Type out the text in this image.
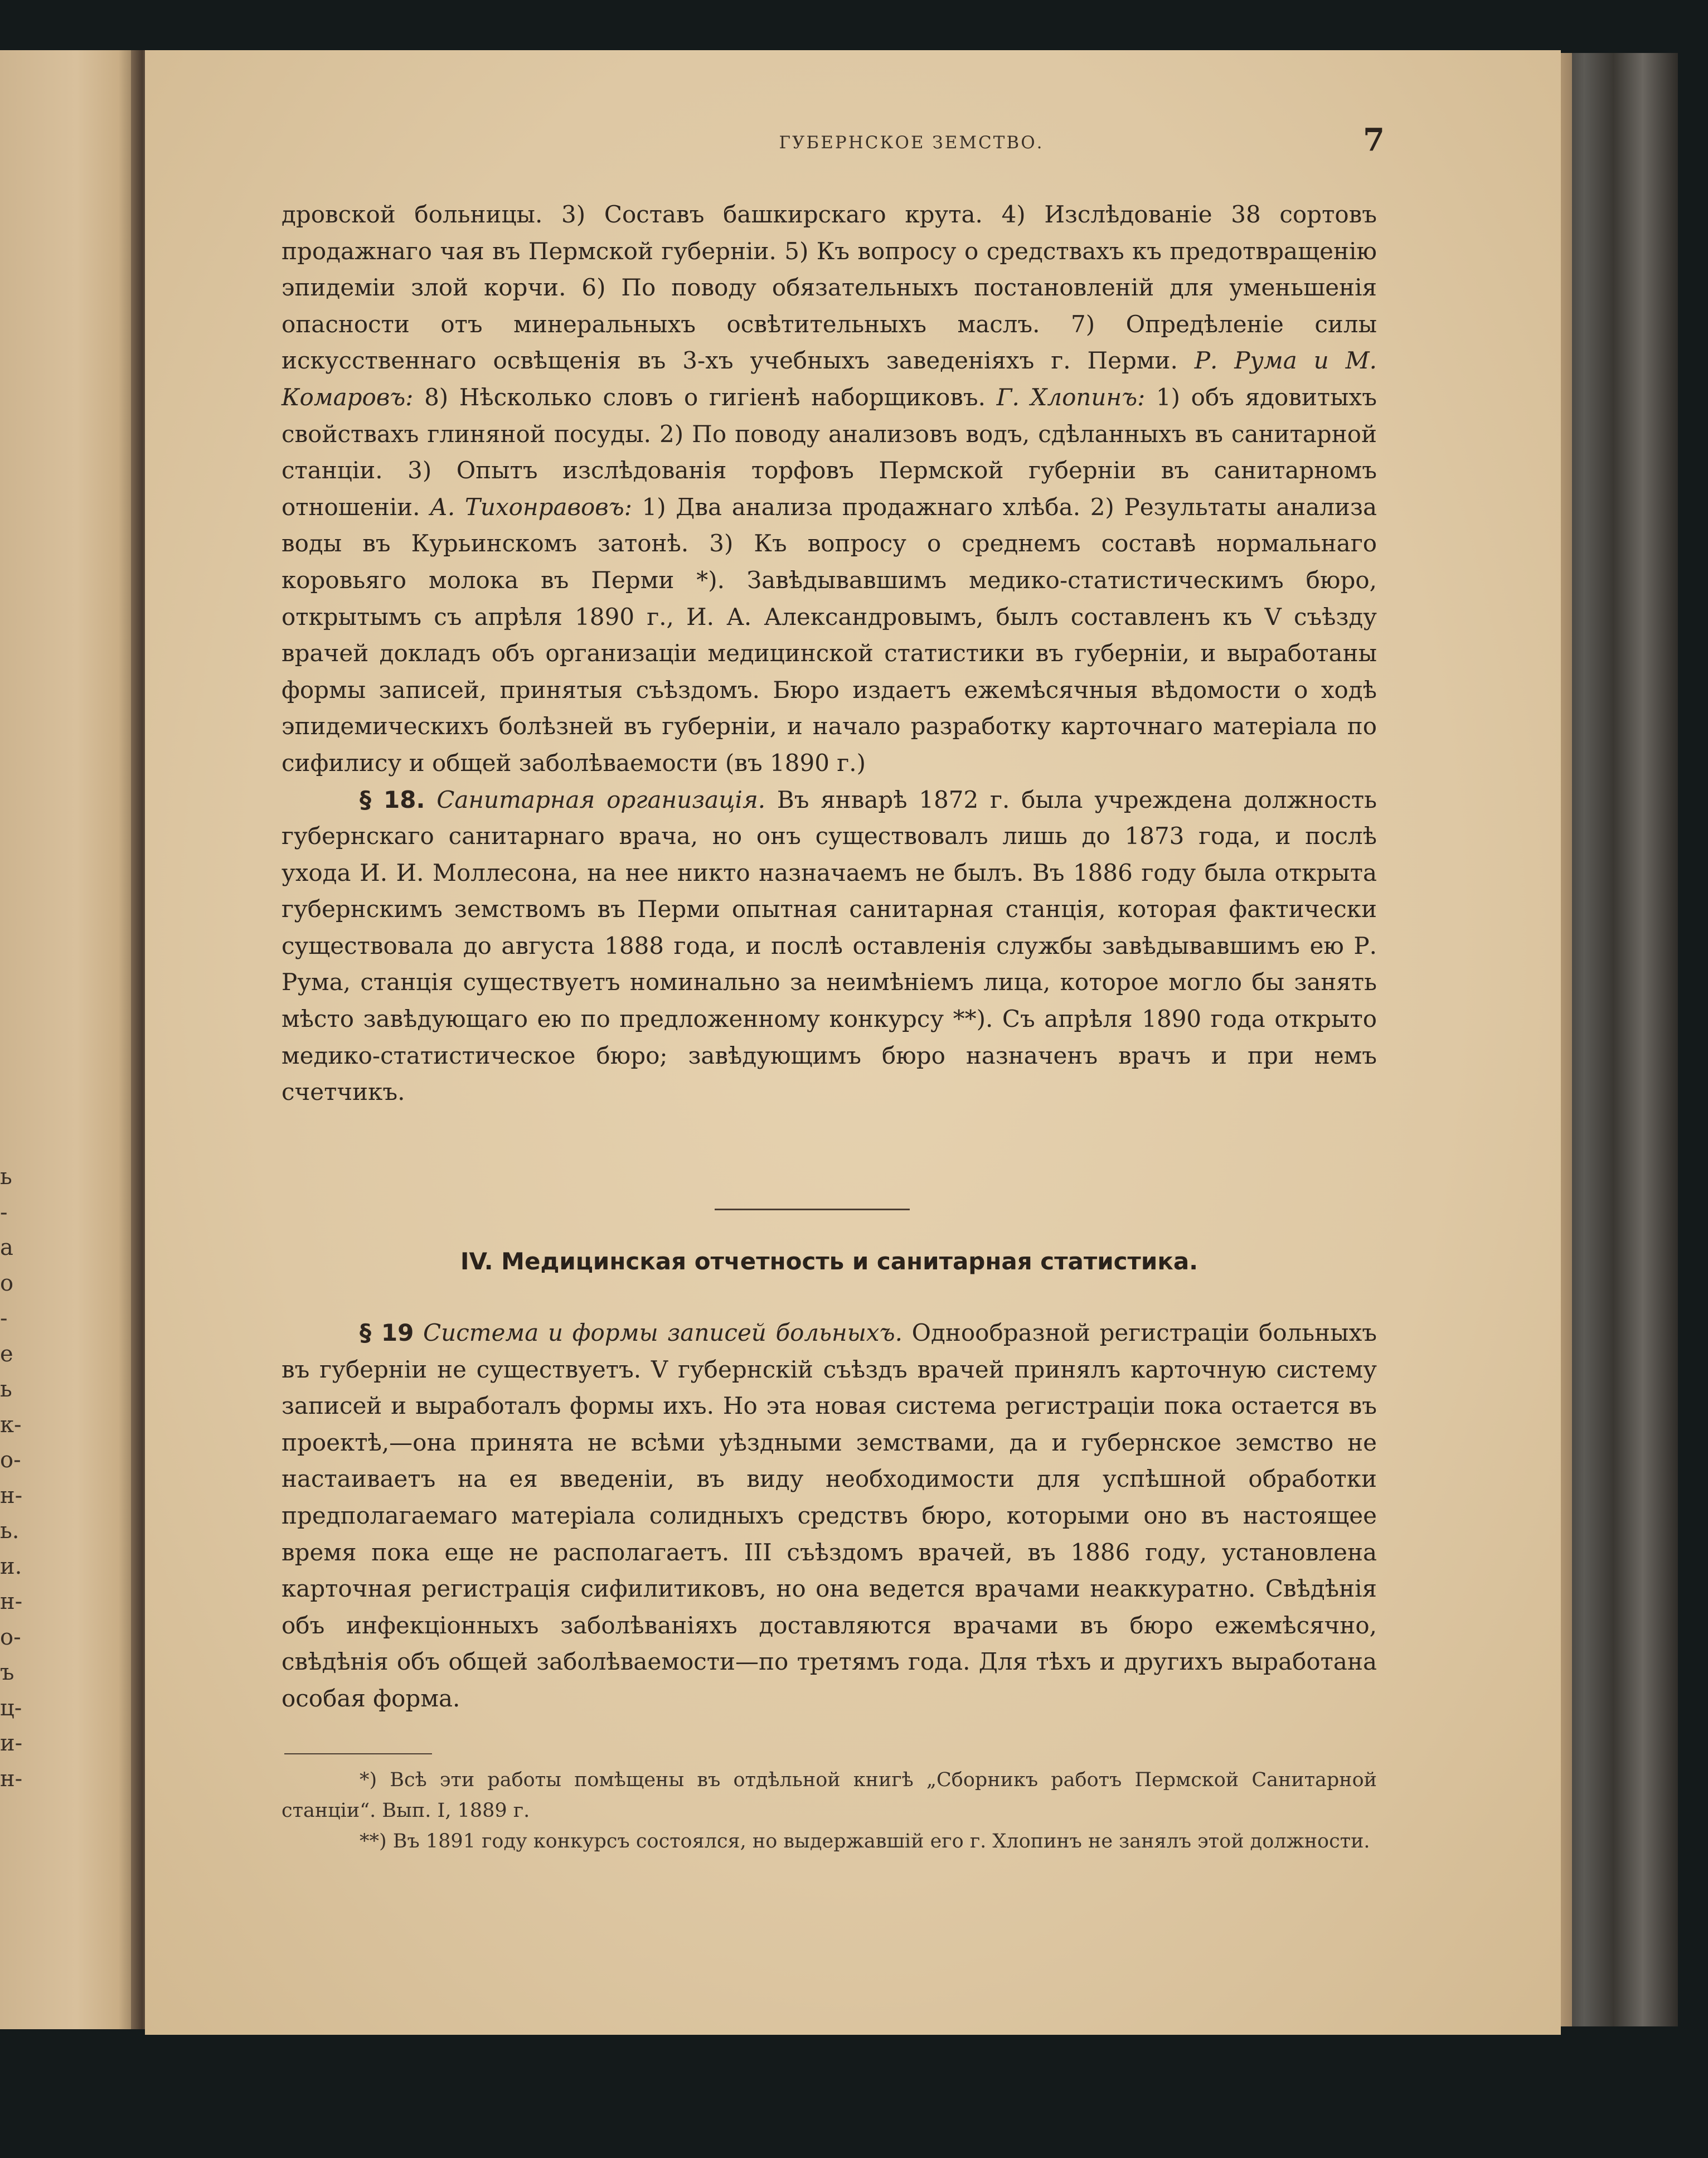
ь
-
а
о
-
е
ь
к-
о-
н-
ь.
и.
н-
о-
ъ
ц-
и-
н-
ГУБЕРНСКОЕ ЗЕМСТВО.	7

дровской больницы. 3) Составъ башкирскаго крута. 4) Изслѣдованіе 38 сортовъ продажнаго чая въ Пермской губерніи. 5) Къ вопросу о средствахъ къ предотвращенію эпидеміи злой корчи. 6) По поводу обязательныхъ постановленій для уменьшенія опасности отъ минеральныхъ освѣтительныхъ маслъ. 7) Опредѣленіе силы искусственнаго освѣщенія въ 3-хъ учебныхъ заведеніяхъ г. Перми. Р. Рума и М. Комаровъ: 8) Нѣсколько словъ о гигіенѣ наборщиковъ. Г. Хлопинъ: 1) объ ядовитыхъ свойствахъ глиняной посуды. 2) По поводу анализовъ водъ, сдѣланныхъ въ санитарной станціи. 3) Опытъ изслѣдованія торфовъ Пермской губерніи въ санитарномъ отношеніи. А. Тихонравовъ: 1) Два анализа продажнаго хлѣба. 2) Результаты анализа воды въ Курьинскомъ затонѣ. 3) Къ вопросу о среднемъ составѣ нормальнаго коровьяго молока въ Перми *). Завѣдывавшимъ медико-статистическимъ бюро, открытымъ съ апрѣля 1890 г., И. А. Александровымъ, былъ составленъ къ V съѣзду врачей докладъ объ организаціи медицинской статистики въ губерніи, и выработаны формы записей, принятыя съѣздомъ. Бюро издаетъ ежемѣсячныя вѣдомости о ходѣ эпидемическихъ болѣзней въ губерніи, и начало разработку карточнаго матеріала по сифилису и общей заболѣваемости (въ 1890 г.)

§ 18. Санитарная организація. Въ январѣ 1872 г. была учреждена должность губернскаго санитарнаго врача, но онъ существовалъ лишь до 1873 года, и послѣ ухода И. И. Моллесона, на нее никто назначаемъ не былъ. Въ 1886 году была открыта губернскимъ земствомъ въ Перми опытная санитарная станція, которая фактически существовала до августа 1888 года, и послѣ оставленія службы завѣдывавшимъ ею Р. Рума, станція существуетъ номинально за неимѣніемъ лица, которое могло бы занять мѣсто завѣдующаго ею по предложенному конкурсу **). Съ апрѣля 1890 года открыто медико-статистическое бюро; завѣдующимъ бюро назначенъ врачъ и при немъ счетчикъ.

IV. Медицинская отчетность и санитарная статистика.

§ 19 Система и формы записей больныхъ. Однообразной регистраціи больныхъ въ губерніи не существуетъ. V губернскій съѣздъ врачей принялъ карточную систему записей и выработалъ формы ихъ. Но эта новая система регистраціи пока остается въ проектѣ,—она принята не всѣми уѣздными земствами, да и губернское земство не настаиваетъ на ея введеніи, въ виду необходимости для успѣшной обработки предполагаемаго матеріала солидныхъ средствъ бюро, которыми оно въ настоящее время пока еще не располагаетъ. III съѣздомъ врачей, въ 1886 году, установлена карточная регистрація сифилитиковъ, но она ведется врачами неаккуратно. Свѣдѣнія объ инфекціонныхъ заболѣваніяхъ доставляются врачами въ бюро ежемѣсячно, свѣдѣнія объ общей заболѣваемости—по третямъ года. Для тѣхъ и другихъ выработана особая форма.

*) Всѣ эти работы помѣщены въ отдѣльной книгѣ „Сборникъ работъ Пермской Санитарной станціи“. Вып. I, 1889 г.

**) Въ 1891 году конкурсъ состоялся, но выдержавшій его г. Хлопинъ не занялъ этой должности.
